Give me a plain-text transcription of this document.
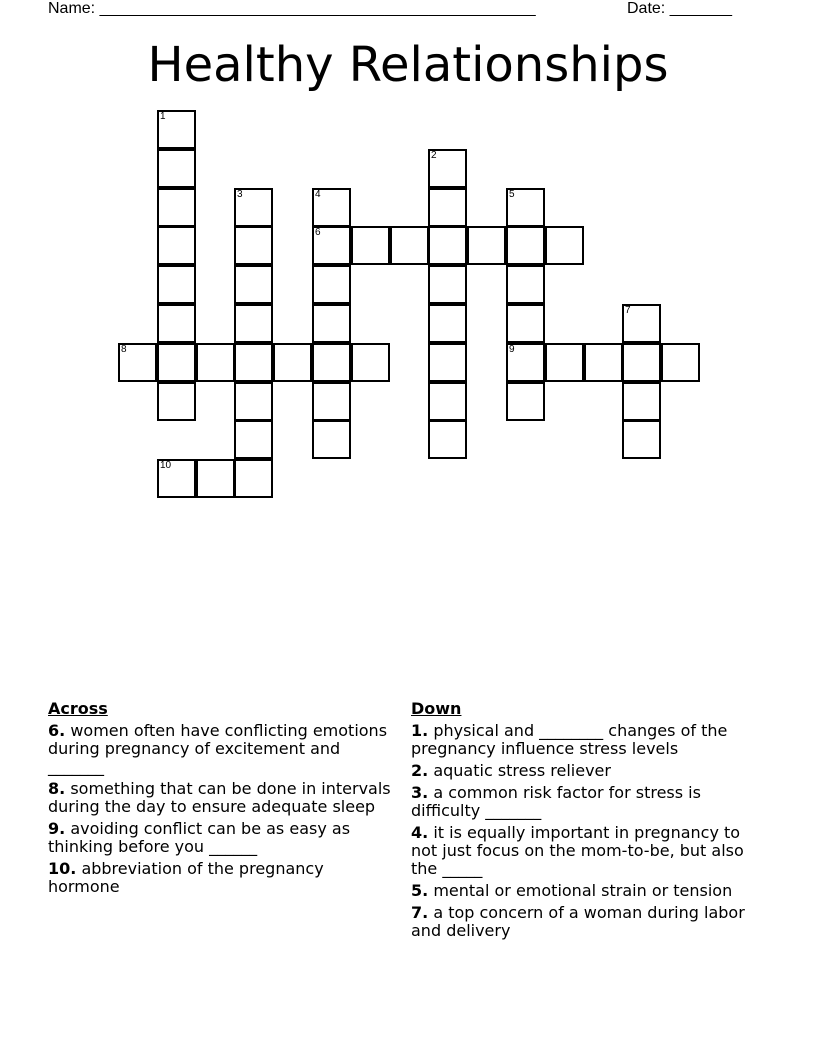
Name: _________________________________________________	Date: _______
Healthy Relationships
1
2
3	4
6
5
9
7
8
10
Across
6. women often have conflicting emotions during pregnancy of excitement and _______
8. something that can be done in intervals during the day to ensure adequate sleep
9. avoiding conflict can be as easy as thinking before you ______
10. abbreviation of the pregnancy hormone
Down
1. physical and ________ changes of the pregnancy influence stress levels
2. aquatic stress reliever
3. a common risk factor for stress is difficulty _______
4. it is equally important in pregnancy to not just focus on the mom-to-be, but also the _____
5. mental or emotional strain or tension
7. a top concern of a woman during labor and delivery
